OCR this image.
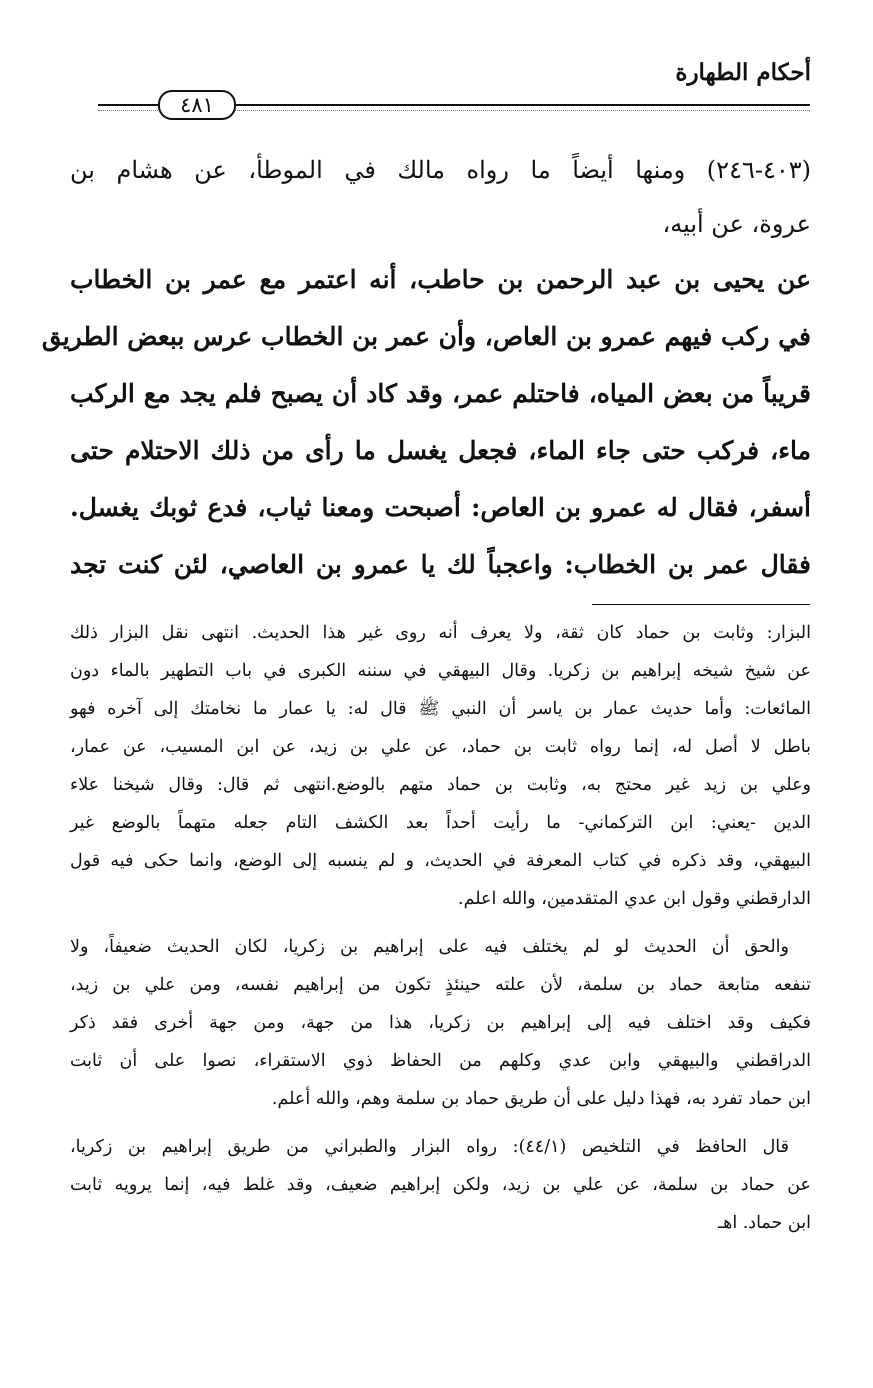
أحكام الطهارة
٤٨١

(٤٠٣-٢٤٦) ومنها أيضاً ما رواه مالك في الموطأ، عن هشام بن

عروة، عن أبيه،

عن يحيى بن عبد الرحمن بن حاطب، أنه اعتمر مع عمر بن الخطاب

في ركب فيهم عمرو بن العاص، وأن عمر بن الخطاب عرس ببعض الطريق

قريباً من بعض المياه، فاحتلم عمر، وقد كاد أن يصبح فلم يجد مع الركب

ماء، فركب حتى جاء الماء، فجعل يغسل ما رأى من ذلك الاحتلام حتى

أسفر، فقال له عمرو بن العاص: أصبحت ومعنا ثياب، فدع ثوبك يغسل.

فقال عمر بن الخطاب: واعجباً لك يا عمرو بن العاصي، لئن كنت تجد

البزار: وثابت بن حماد كان ثقة، ولا يعرف أنه روى غير هذا الحديث. انتهى نقل البزار ذلك

عن شيخ شيخه إبراهيم بن زكريا. وقال البيهقي في سننه الكبرى في باب التطهير بالماء دون

المائعات: وأما حديث عمار بن ياسر أن النبي ﷺ قال له: يا عمار ما نخامتك إلى آخره فهو

باطل لا أصل له، إنما رواه ثابت بن حماد، عن علي بن زيد، عن ابن المسيب، عن عمار،

وعلي بن زيد غير محتج به، وثابت بن حماد متهم بالوضع.انتهى ثم قال: وقال شيخنا علاء

الدين -يعني: ابن التركماني- ما رأيت أحداً بعد الكشف التام جعله متهماً بالوضع غير

البيهقي، وقد ذكره في كتاب المعرفة في الحديث، و لم ينسبه إلى الوضع، وانما حكى فيه قول

الدارقطني وقول ابن عدي المتقدمين، والله اعلم.

والحق أن الحديث لو لم يختلف فيه على إبراهيم بن زكريا، لكان الحديث ضعيفاً، ولا

تنفعه متابعة حماد بن سلمة، لأن علته حينئذٍ تكون من إبراهيم نفسه، ومن علي بن زيد،

فكيف وقد اختلف فيه إلى إبراهيم بن زكريا، هذا من جهة، ومن جهة أخرى فقد ذكر

الدراقطني والبيهقي وابن عدي وكلهم من الحفاظ ذوي الاستقراء، نصوا على أن ثابت

ابن حماد تفرد به، فهذا دليل على أن طريق حماد بن سلمة وهم، والله أعلم.

قال الحافظ في التلخيص (٤٤/١): رواه البزار والطبراني من طريق إبراهيم بن زكريا،

عن حماد بن سلمة، عن علي بن زيد، ولكن إبراهيم ضعيف، وقد غلط فيه، إنما يرويه ثابت

ابن حماد. اهـ
